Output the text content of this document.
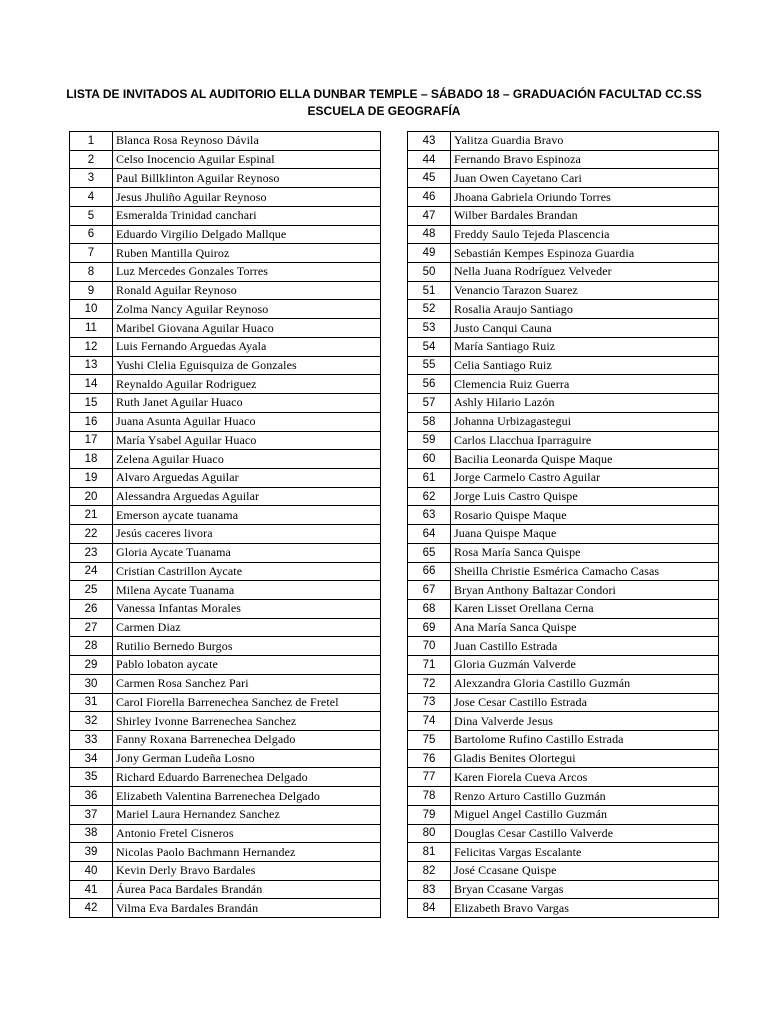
LISTA DE INVITADOS AL AUDITORIO ELLA DUNBAR TEMPLE – SÁBADO 18 – GRADUACIÓN FACULTAD CC.SS
ESCUELA DE GEOGRAFÍA
1	Blanca Rosa Reynoso Dávila
2	Celso Inocencio Aguilar Espinal
3	Paul Billklinton Aguilar Reynoso
4	Jesus Jhuliño Aguilar Reynoso
5	Esmeralda Trinidad canchari
6	Eduardo Virgilio Delgado Mallque
7	Ruben Mantilla Quiroz
8	Luz Mercedes Gonzales Torres
9	Ronald Aguilar Reynoso
10	Zolma Nancy Aguilar Reynoso
11	Maribel Giovana Aguilar Huaco
12	Luis Fernando Arguedas Ayala
13	Yushi Clelia Eguisquiza de Gonzales
14	Reynaldo Aguilar Rodriguez
15	Ruth Janet Aguilar Huaco
16	Juana Asunta Aguilar Huaco
17	María Ysabel Aguilar Huaco
18	Zelena Aguilar Huaco
19	Alvaro Arguedas Aguilar
20	Alessandra Arguedas Aguilar
21	Emerson aycate tuanama
22	Jesús caceres livora
23	Gloria Aycate Tuanama
24	Cristian Castrillon Aycate
25	Milena Aycate Tuanama
26	Vanessa Infantas Morales
27	Carmen Diaz
28	Rutilio Bernedo Burgos
29	Pablo lobaton aycate
30	Carmen Rosa Sanchez Pari
31	Carol Fiorella Barrenechea Sanchez de Fretel
32	Shirley Ivonne Barrenechea Sanchez
33	Fanny Roxana Barrenechea Delgado
34	Jony German Ludeña Losno
35	Richard Eduardo Barrenechea Delgado
36	Elizabeth Valentina Barrenechea Delgado
37	Mariel Laura Hernandez Sanchez
38	Antonio Fretel Cisneros
39	Nicolas Paolo Bachmann Hernandez
40	Kevin Derly Bravo Bardales
41	Áurea Paca Bardales Brandán
42	Vilma Eva Bardales Brandán
43	Yalitza Guardia Bravo
44	Fernando Bravo Espinoza
45	Juan Owen Cayetano Cari
46	Jhoana Gabriela Oriundo Torres
47	Wilber Bardales Brandan
48	Freddy Saulo Tejeda Plascencia
49	Sebastián Kempes Espinoza Guardia
50	Nella Juana Rodríguez Velveder
51	Venancio Tarazon Suarez
52	Rosalia Araujo Santiago
53	Justo Canqui Cauna
54	María Santiago Ruiz
55	Celia Santiago Ruiz
56	Clemencia Ruiz Guerra
57	Ashly Hilario Lazón
58	Johanna Urbizagastegui
59	Carlos Llacchua Iparraguire
60	Bacilia Leonarda Quispe Maque
61	Jorge Carmelo Castro Aguilar
62	Jorge Luis Castro Quispe
63	Rosario Quispe Maque
64	Juana Quispe Maque
65	Rosa María Sanca Quispe
66	Sheilla Christie Esmérica Camacho Casas
67	Bryan Anthony Baltazar Condori
68	Karen Lisset Orellana Cerna
69	Ana María Sanca Quispe
70	Juan Castillo Estrada
71	Gloria Guzmán Valverde
72	Alexzandra Gloria Castillo Guzmán
73	Jose Cesar Castillo Estrada
74	Dina Valverde Jesus
75	Bartolome Rufino Castillo Estrada
76	Gladis Benites Olortegui
77	Karen Fiorela Cueva Arcos
78	Renzo Arturo Castillo Guzmán
79	Miguel Angel Castillo Guzmán
80	Douglas Cesar Castillo Valverde
81	Felicitas Vargas Escalante
82	José Ccasane Quispe
83	Bryan Ccasane Vargas
84	Elizabeth Bravo Vargas
